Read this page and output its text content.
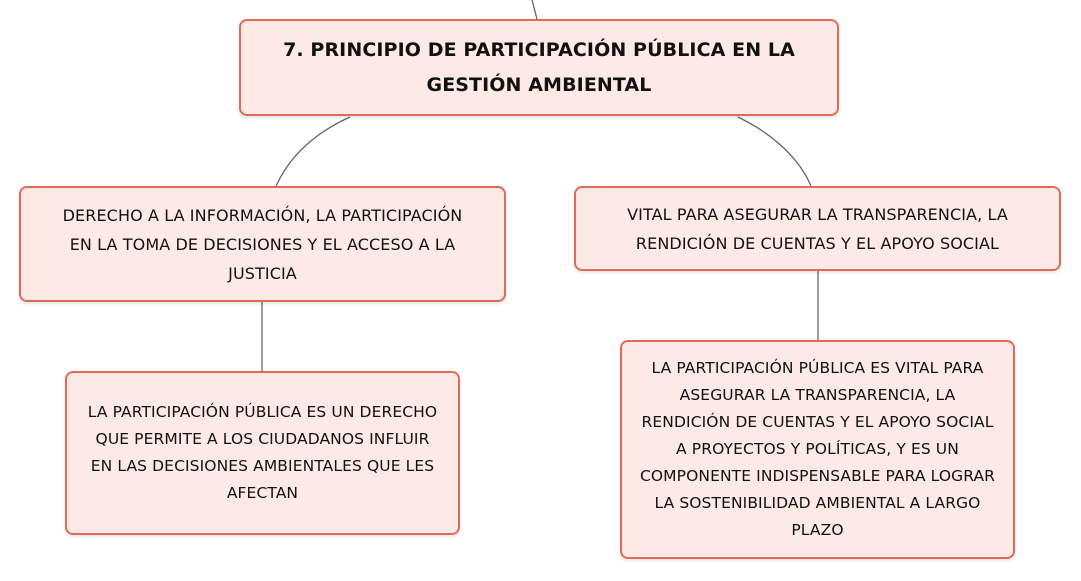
7. PRINCIPIO DE PARTICIPACIÓN PÚBLICA EN LA
GESTIÓN AMBIENTAL
DERECHO A LA INFORMACIÓN, LA PARTICIPACIÓN
EN LA TOMA DE DECISIONES Y EL ACCESO A LA
JUSTICIA
VITAL PARA ASEGURAR LA TRANSPARENCIA, LA
RENDICIÓN DE CUENTAS Y EL APOYO SOCIAL
LA PARTICIPACIÓN PÚBLICA ES UN DERECHO
QUE PERMITE A LOS CIUDADANOS INFLUIR
EN LAS DECISIONES AMBIENTALES QUE LES
AFECTAN
LA PARTICIPACIÓN PÚBLICA ES VITAL PARA
ASEGURAR LA TRANSPARENCIA, LA
RENDICIÓN DE CUENTAS Y EL APOYO SOCIAL
A PROYECTOS Y POLÍTICAS, Y ES UN
COMPONENTE INDISPENSABLE PARA LOGRAR
LA SOSTENIBILIDAD AMBIENTAL A LARGO
PLAZO
